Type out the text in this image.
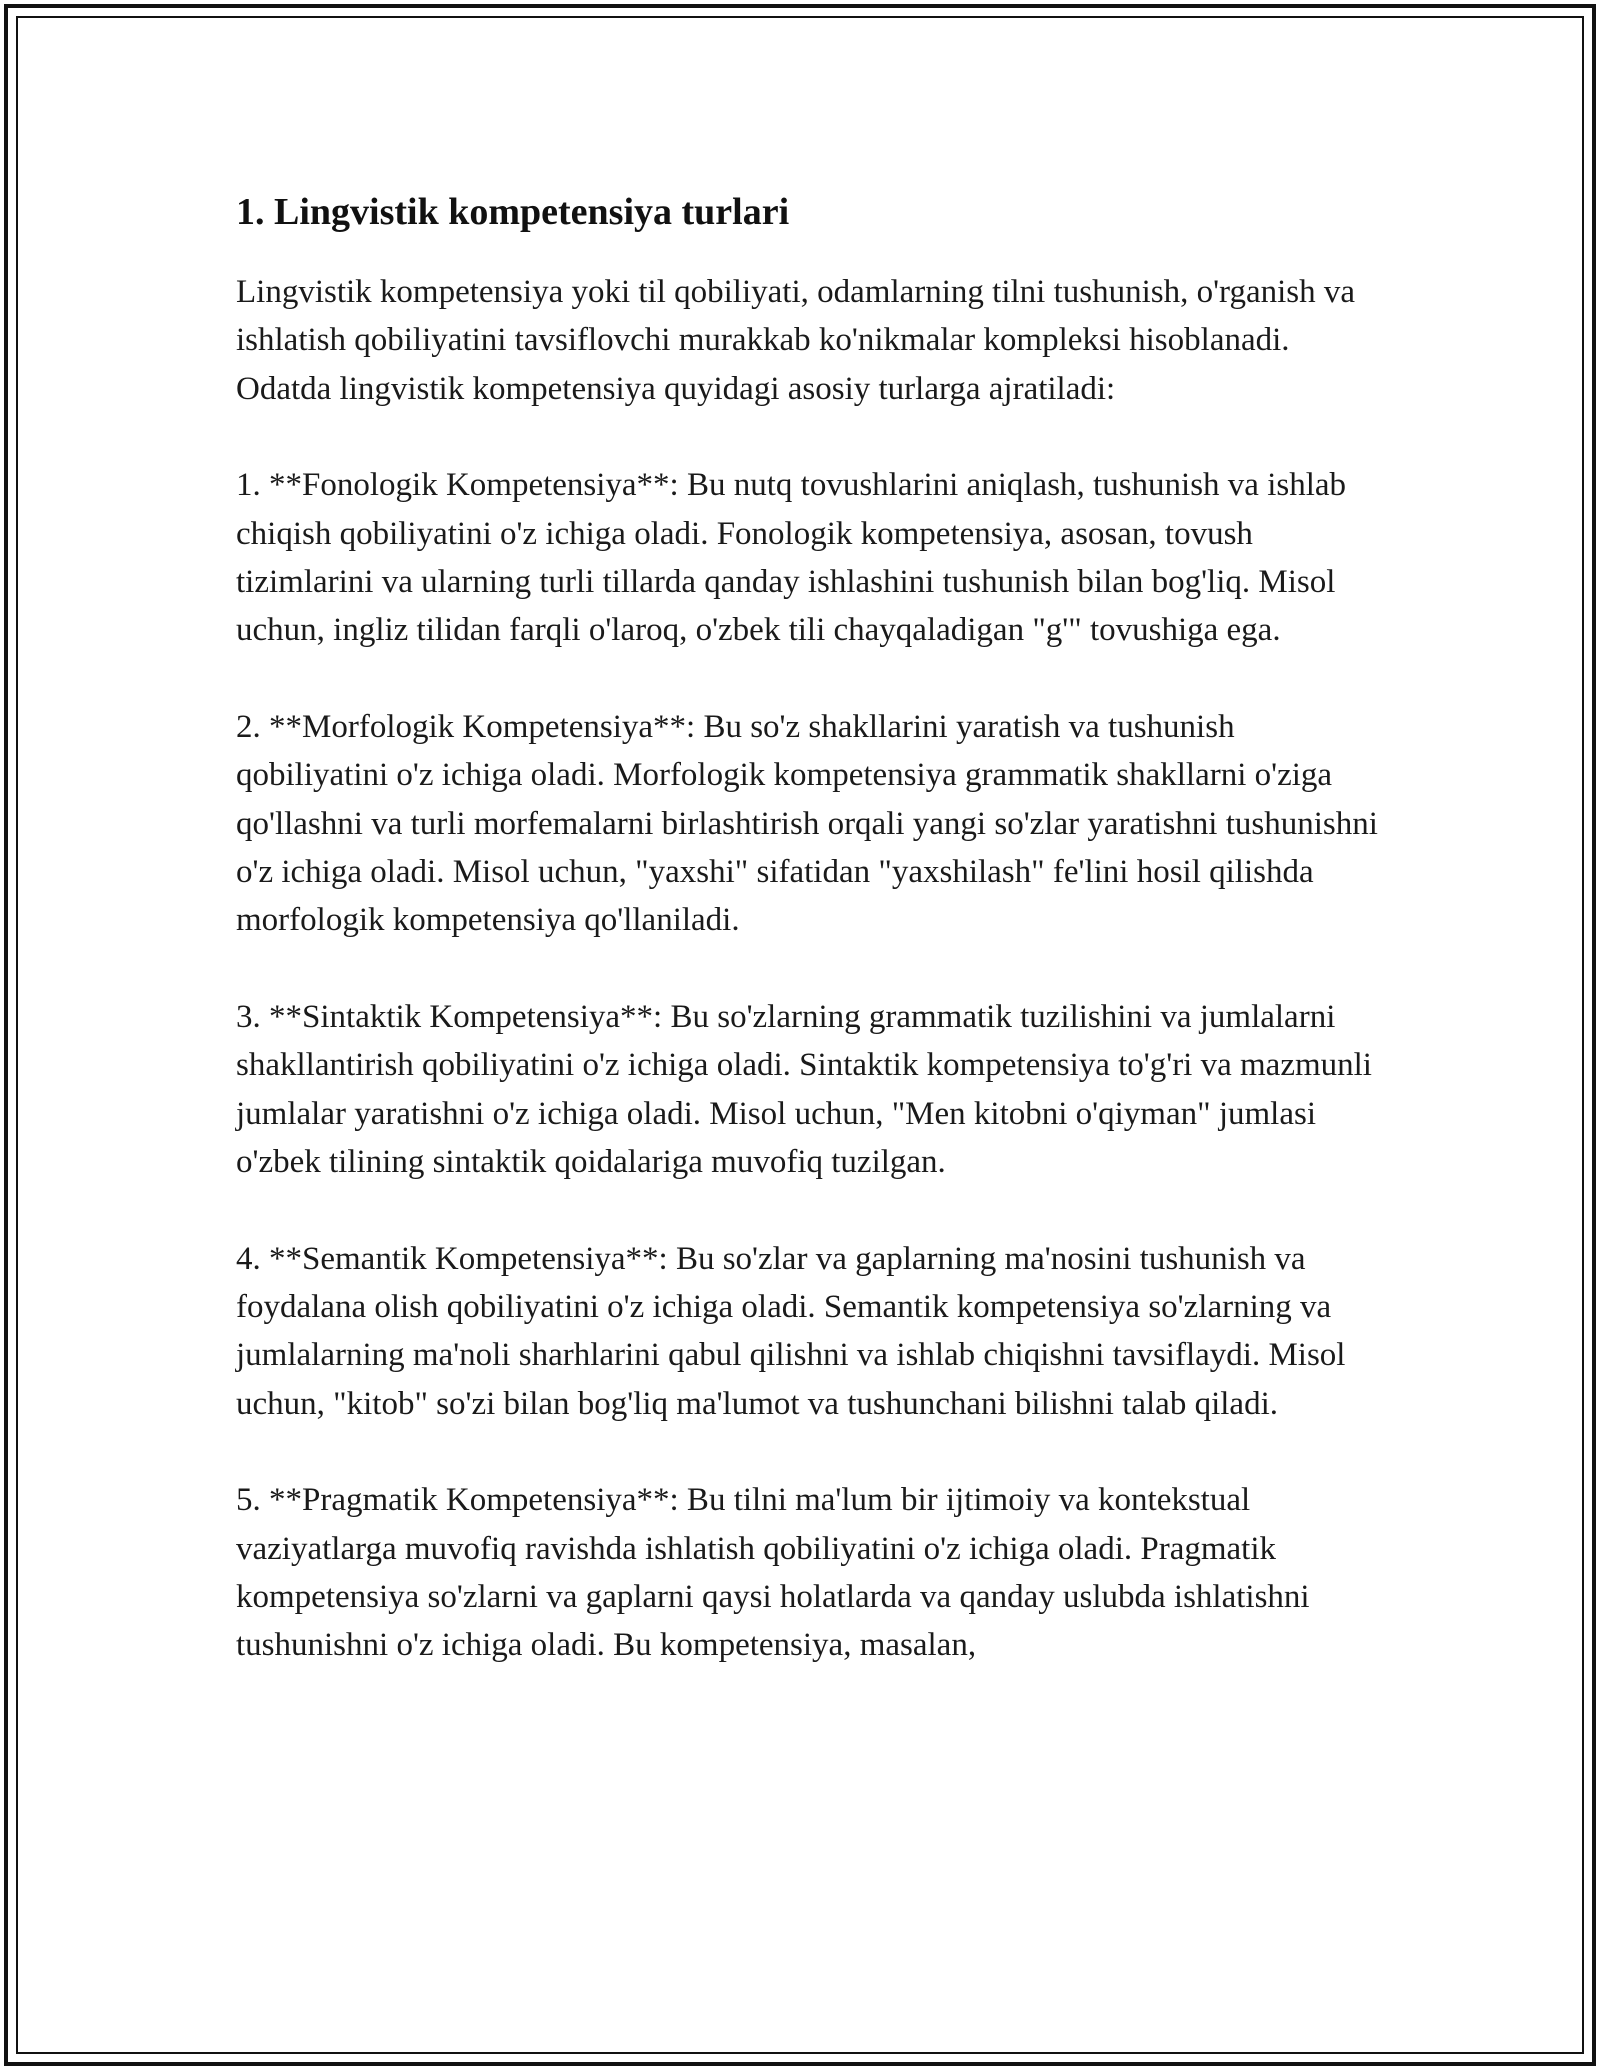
1. Lingvistik kompetensiya turlari

Lingvistik kompetensiya yoki til qobiliyati, odamlarning tilni tushunish, o'rganish va ishlatish qobiliyatini tavsiflovchi murakkab ko'nikmalar kompleksi hisoblanadi. Odatda lingvistik kompetensiya quyidagi asosiy turlarga ajratiladi:

1. **Fonologik Kompetensiya**: Bu nutq tovushlarini aniqlash, tushunish va ishlab chiqish qobiliyatini o'z ichiga oladi. Fonologik kompetensiya, asosan, tovush tizimlarini va ularning turli tillarda qanday ishlashini tushunish bilan bog'liq. Misol uchun, ingliz tilidan farqli o'laroq, o'zbek tili chayqaladigan "g'" tovushiga ega.

2. **Morfologik Kompetensiya**: Bu so'z shakllarini yaratish va tushunish qobiliyatini o'z ichiga oladi. Morfologik kompetensiya grammatik shakllarni o'ziga qo'llashni va turli morfemalarni birlashtirish orqali yangi so'zlar yaratishni tushunishni o'z ichiga oladi. Misol uchun, "yaxshi" sifatidan "yaxshilash" fe'lini hosil qilishda morfologik kompetensiya qo'llaniladi.

3. **Sintaktik Kompetensiya**: Bu so'zlarning grammatik tuzilishini va jumlalarni shakllantirish qobiliyatini o'z ichiga oladi. Sintaktik kompetensiya to'g'ri va mazmunli jumlalar yaratishni o'z ichiga oladi. Misol uchun, "Men kitobni o'qiyman" jumlasi o'zbek tilining sintaktik qoidalariga muvofiq tuzilgan.

4. **Semantik Kompetensiya**: Bu so'zlar va gaplarning ma'nosini tushunish va foydalana olish qobiliyatini o'z ichiga oladi. Semantik kompetensiya so'zlarning va jumlalarning ma'noli sharhlarini qabul qilishni va ishlab chiqishni tavsiflaydi. Misol uchun, "kitob" so'zi bilan bog'liq ma'lumot va tushunchani bilishni talab qiladi.

5. **Pragmatik Kompetensiya**: Bu tilni ma'lum bir ijtimoiy va kontekstual vaziyatlarga muvofiq ravishda ishlatish qobiliyatini o'z ichiga oladi. Pragmatik kompetensiya so'zlarni va gaplarni qaysi holatlarda va qanday uslubda ishlatishni tushunishni o'z ichiga oladi. Bu kompetensiya, masalan,
